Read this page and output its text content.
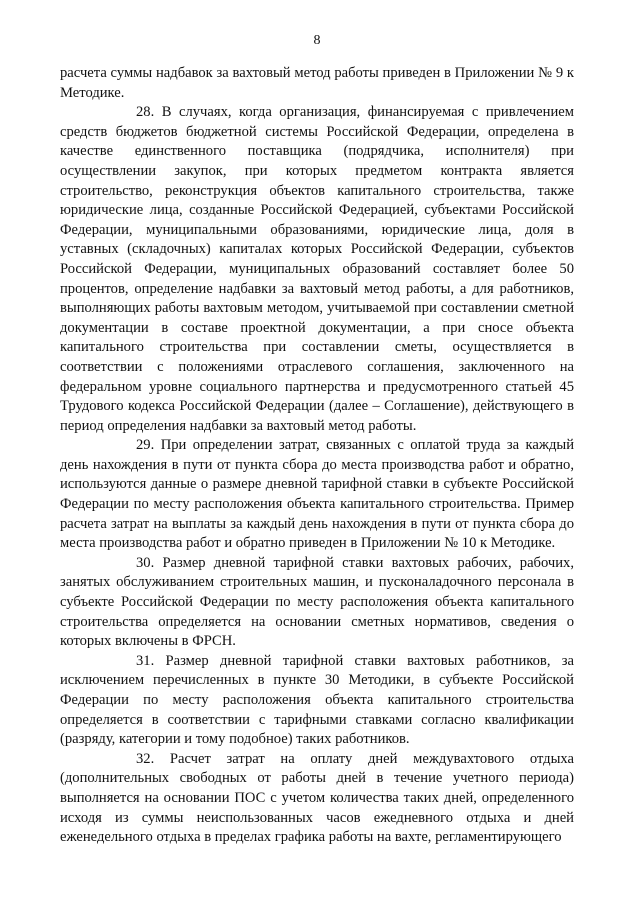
8

расчета суммы надбавок за вахтовый метод работы приведен в Приложении № 9 к Методике.

28. В случаях, когда организация, финансируемая с привлечением средств бюджетов бюджетной системы Российской Федерации, определена в качестве единственного поставщика (подрядчика, исполнителя) при осуществлении закупок, при которых предметом контракта является строительство, реконструкция объектов капитального строительства, также юридические лица, созданные Российской Федерацией, субъектами Российской Федерации, муниципальными образованиями, юридические лица, доля в уставных (складочных) капиталах которых Российской Федерации, субъектов Российской Федерации, муниципальных образований составляет более 50 процентов, определение надбавки за вахтовый метод работы, а для работников, выполняющих работы вахтовым методом, учитываемой при составлении сметной документации в составе проектной документации, а при сносе объекта капитального строительства при составлении сметы, осуществляется в соответствии с положениями отраслевого соглашения, заключенного на федеральном уровне социального партнерства и предусмотренного статьей 45 Трудового кодекса Российской Федерации (далее – Соглашение), действующего в период определения надбавки за вахтовый метод работы.

29. При определении затрат, связанных с оплатой труда за каждый день нахождения в пути от пункта сбора до места производства работ и обратно, используются данные о размере дневной тарифной ставки в субъекте Российской Федерации по месту расположения объекта капитального строительства. Пример расчета затрат на выплаты за каждый день нахождения в пути от пункта сбора до места производства работ и обратно приведен в Приложении № 10 к Методике.

30. Размер дневной тарифной ставки вахтовых рабочих, рабочих, занятых обслуживанием строительных машин, и пусконаладочного персонала в субъекте Российской Федерации по месту расположения объекта капитального строительства определяется на основании сметных нормативов, сведения о которых включены в ФРСН.

31. Размер дневной тарифной ставки вахтовых работников, за исключением перечисленных в пункте 30 Методики, в субъекте Российской Федерации по месту расположения объекта капитального строительства определяется в соответствии с тарифными ставками согласно квалификации (разряду, категории и тому подобное) таких работников.

32. Расчет затрат на оплату дней междувахтового отдыха (дополнительных свободных от работы дней в течение учетного периода) выполняется на основании ПОС с учетом количества таких дней, определенного исходя из суммы неиспользованных часов ежедневного отдыха и дней еженедельного отдыха в пределах графика работы на вахте, регламентирующего
